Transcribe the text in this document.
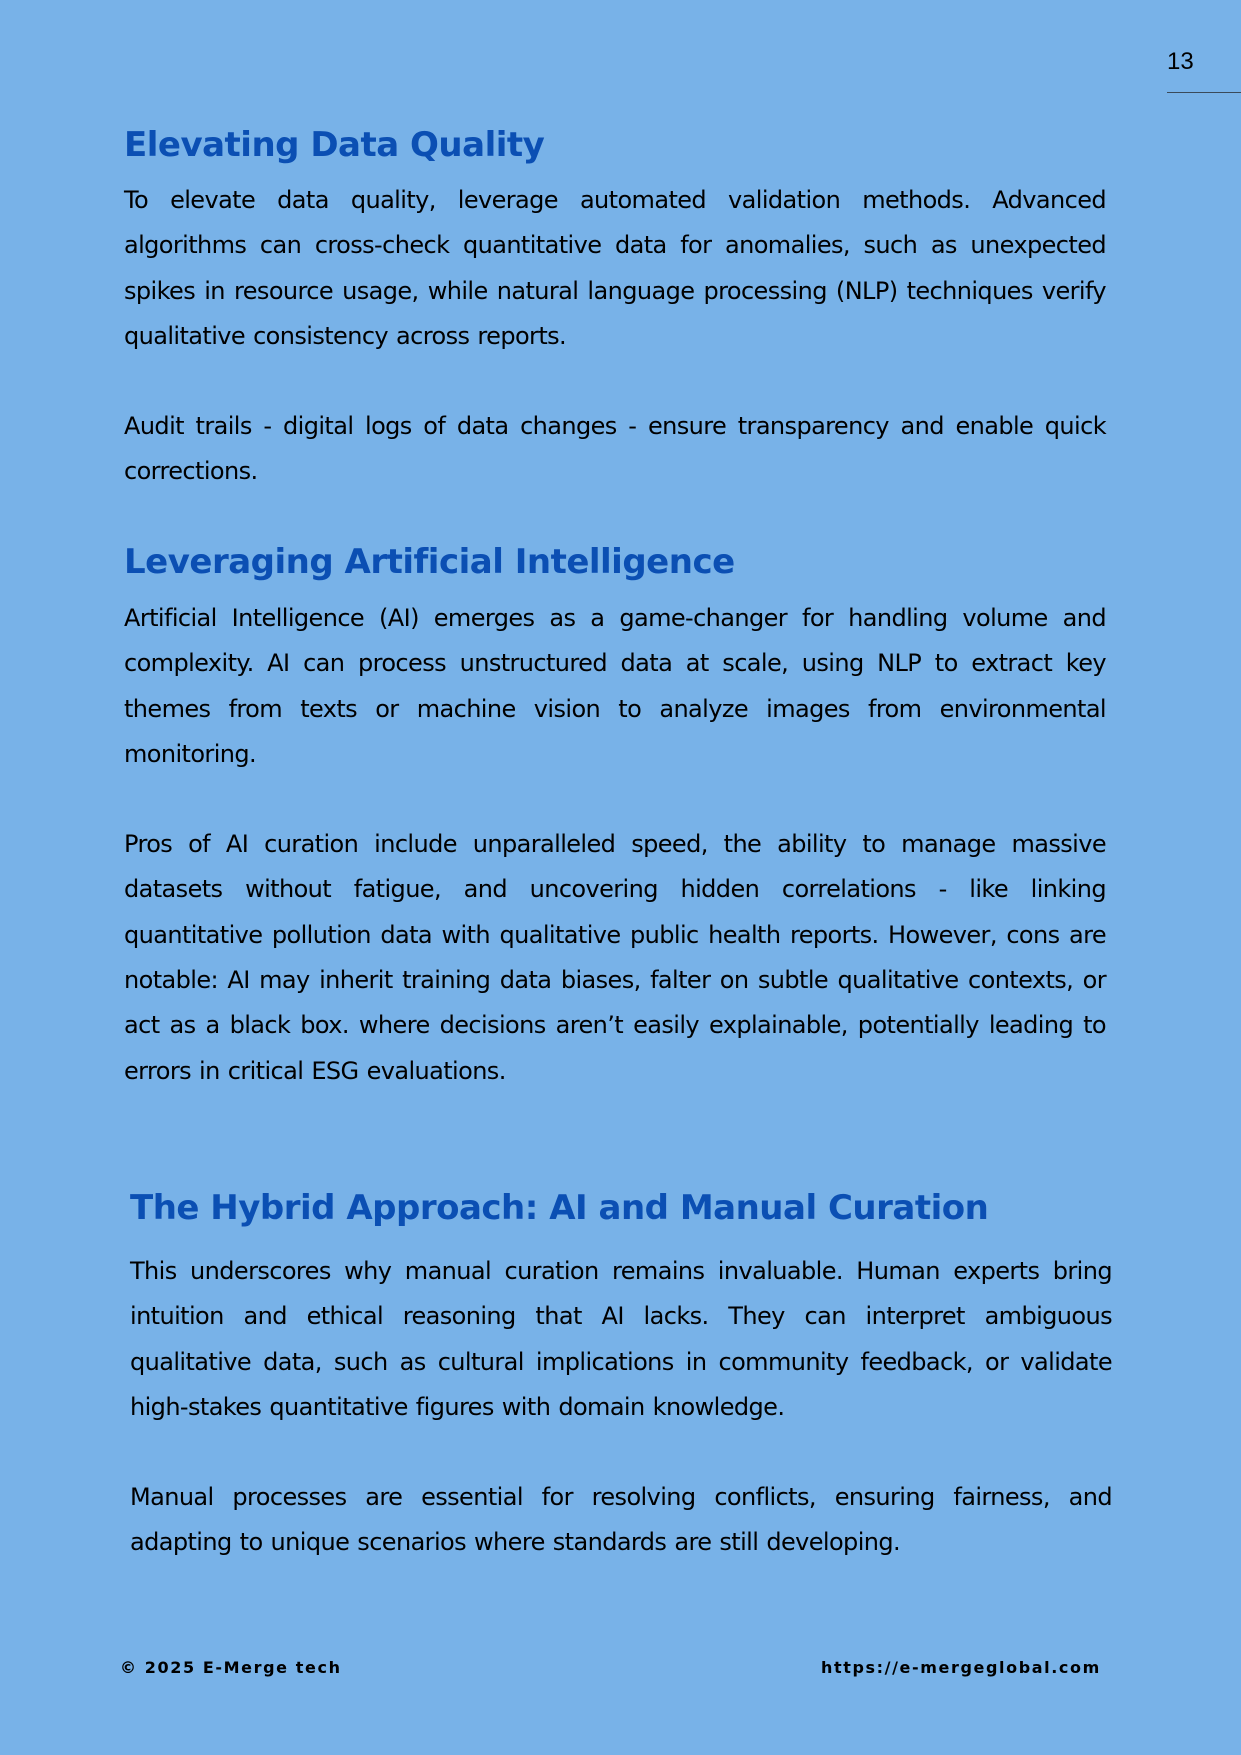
13
Elevating Data Quality

To elevate data quality, leverage automated validation methods. Advanced algorithms can cross-check quantitative data for anomalies, such as unexpected spikes in resource usage, while natural language processing (NLP) techniques verify qualitative consistency across reports.

Audit trails - digital logs of data changes - ensure transparency and enable quick corrections.

Leveraging Artificial Intelligence

Artificial Intelligence (AI) emerges as a game-changer for handling volume and complexity. AI can process unstructured data at scale, using NLP to extract key themes from texts or machine vision to analyze images from environmental monitoring.

Pros of AI curation include unparalleled speed, the ability to manage massive datasets without fatigue, and uncovering hidden correlations - like linking quantitative pollution data with qualitative public health reports. However, cons are notable: AI may inherit training data biases, falter on subtle qualitative contexts, or act as a black box. where decisions aren’t easily explainable, potentially leading to errors in critical ESG evaluations.

The Hybrid Approach: AI and Manual Curation

This underscores why manual curation remains invaluable. Human experts bring intuition and ethical reasoning that AI lacks. They can interpret ambiguous qualitative data, such as cultural implications in community feedback, or validate high-stakes quantitative figures with domain knowledge.

Manual processes are essential for resolving conflicts, ensuring fairness, and adapting to unique scenarios where standards are still developing.

© 2025 E-Merge tech	https://e-mergeglobal.com
